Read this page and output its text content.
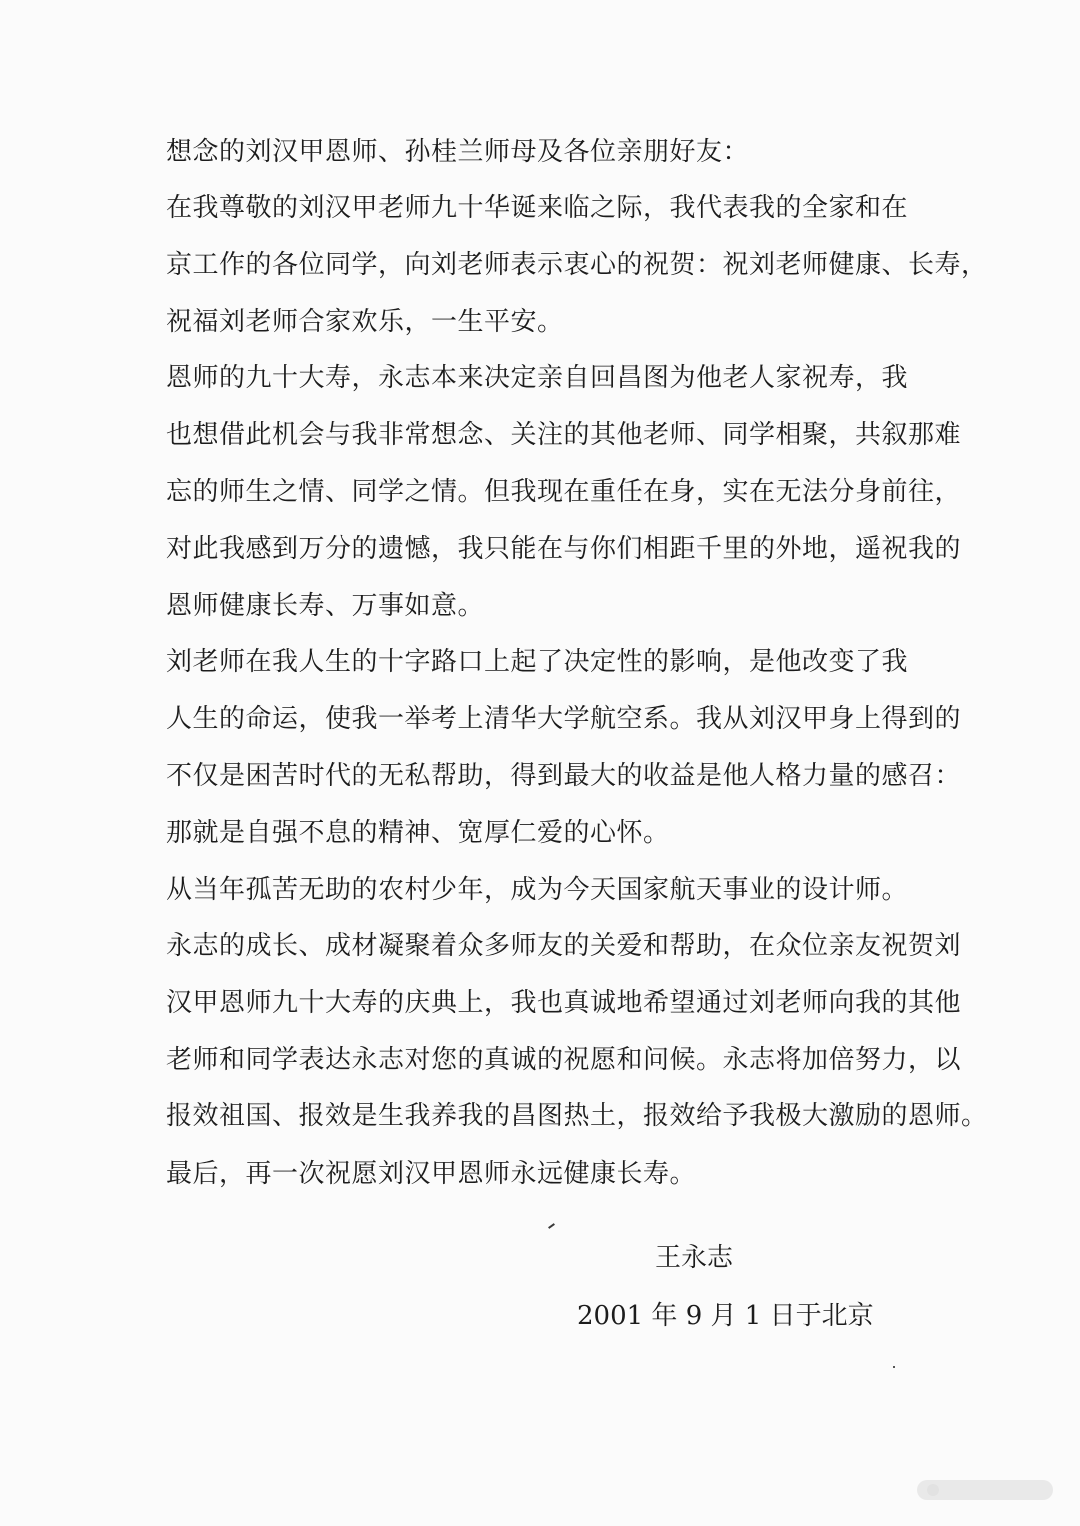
想念的刘汉甲恩师、孙桂兰师母及各位亲朋好友：
在我尊敬的刘汉甲老师九十华诞来临之际，我代表我的全家和在
京工作的各位同学，向刘老师表示衷心的祝贺：祝刘老师健康、长寿，
祝福刘老师合家欢乐，一生平安。
恩师的九十大寿，永志本来决定亲自回昌图为他老人家祝寿，我
也想借此机会与我非常想念、关注的其他老师、同学相聚，共叙那难
忘的师生之情、同学之情。但我现在重任在身，实在无法分身前往，
对此我感到万分的遗憾，我只能在与你们相距千里的外地，遥祝我的
恩师健康长寿、万事如意。
刘老师在我人生的十字路口上起了决定性的影响，是他改变了我
人生的命运，使我一举考上清华大学航空系。我从刘汉甲身上得到的
不仅是困苦时代的无私帮助，得到最大的收益是他人格力量的感召：
那就是自强不息的精神、宽厚仁爱的心怀。
从当年孤苦无助的农村少年，成为今天国家航天事业的设计师。
永志的成长、成材凝聚着众多师友的关爱和帮助，在众位亲友祝贺刘
汉甲恩师九十大寿的庆典上，我也真诚地希望通过刘老师向我的其他
老师和同学表达永志对您的真诚的祝愿和问候。永志将加倍努力，以
报效祖国、报效是生我养我的昌图热土，报效给予我极大激励的恩师。
最后，再一次祝愿刘汉甲恩师永远健康长寿。
王永志
2001 年 9 月 1 日于北京
